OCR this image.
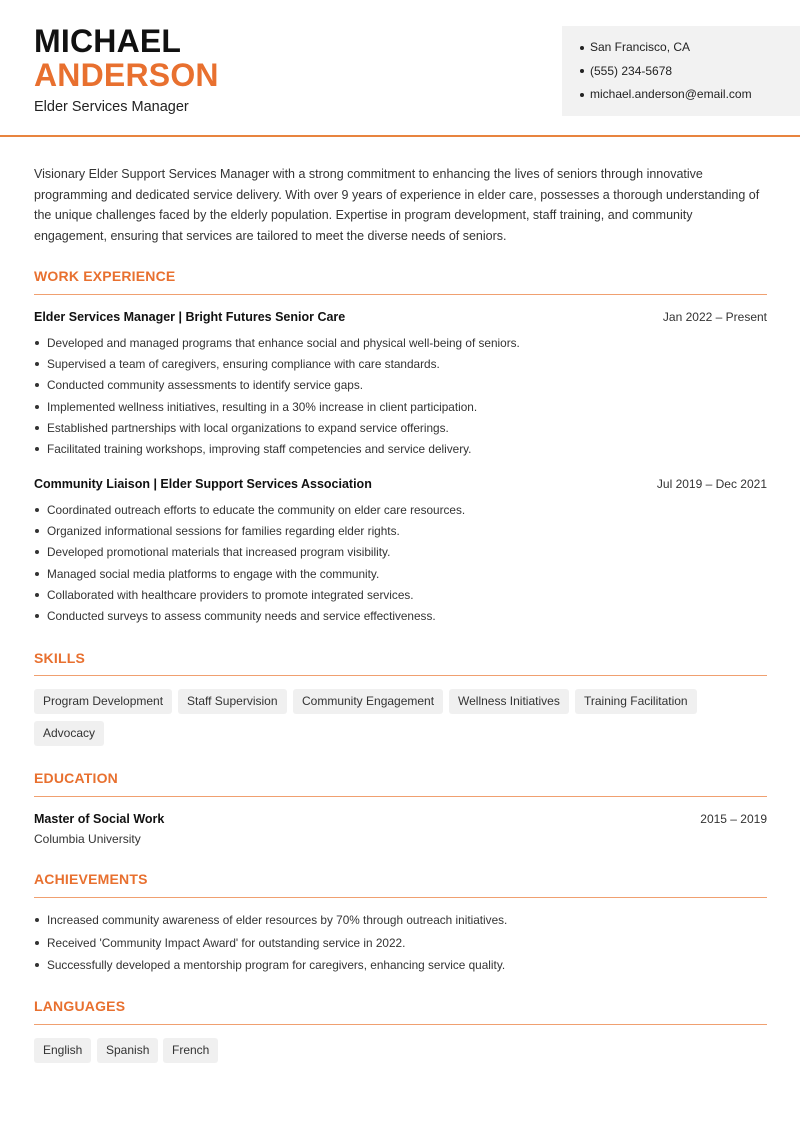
MICHAEL
ANDERSON
Elder Services Manager
San Francisco, CA
(555) 234-5678
michael.anderson@email.com

Visionary Elder Support Services Manager with a strong commitment to enhancing the lives of seniors through innovative programming and dedicated service delivery. With over 9 years of experience in elder care, possesses a thorough understanding of the unique challenges faced by the elderly population. Expertise in program development, staff training, and community engagement, ensuring that services are tailored to meet the diverse needs of seniors.

WORK EXPERIENCE
Elder Services Manager | Bright Futures Senior Care	Jan 2022 – Present
Developed and managed programs that enhance social and physical well-being of seniors.
Supervised a team of caregivers, ensuring compliance with care standards.
Conducted community assessments to identify service gaps.
Implemented wellness initiatives, resulting in a 30% increase in client participation.
Established partnerships with local organizations to expand service offerings.
Facilitated training workshops, improving staff competencies and service delivery.
Community Liaison | Elder Support Services Association	Jul 2019 – Dec 2021
Coordinated outreach efforts to educate the community on elder care resources.
Organized informational sessions for families regarding elder rights.
Developed promotional materials that increased program visibility.
Managed social media platforms to engage with the community.
Collaborated with healthcare providers to promote integrated services.
Conducted surveys to assess community needs and service effectiveness.
SKILLS
Program Development	Staff Supervision	Community Engagement	Wellness Initiatives	Training Facilitation
Advocacy
EDUCATION
Master of Social Work
Columbia University
2015 – 2019
ACHIEVEMENTS
Increased community awareness of elder resources by 70% through outreach initiatives.
Received 'Community Impact Award' for outstanding service in 2022.
Successfully developed a mentorship program for caregivers, enhancing service quality.
LANGUAGES
English	Spanish	French
